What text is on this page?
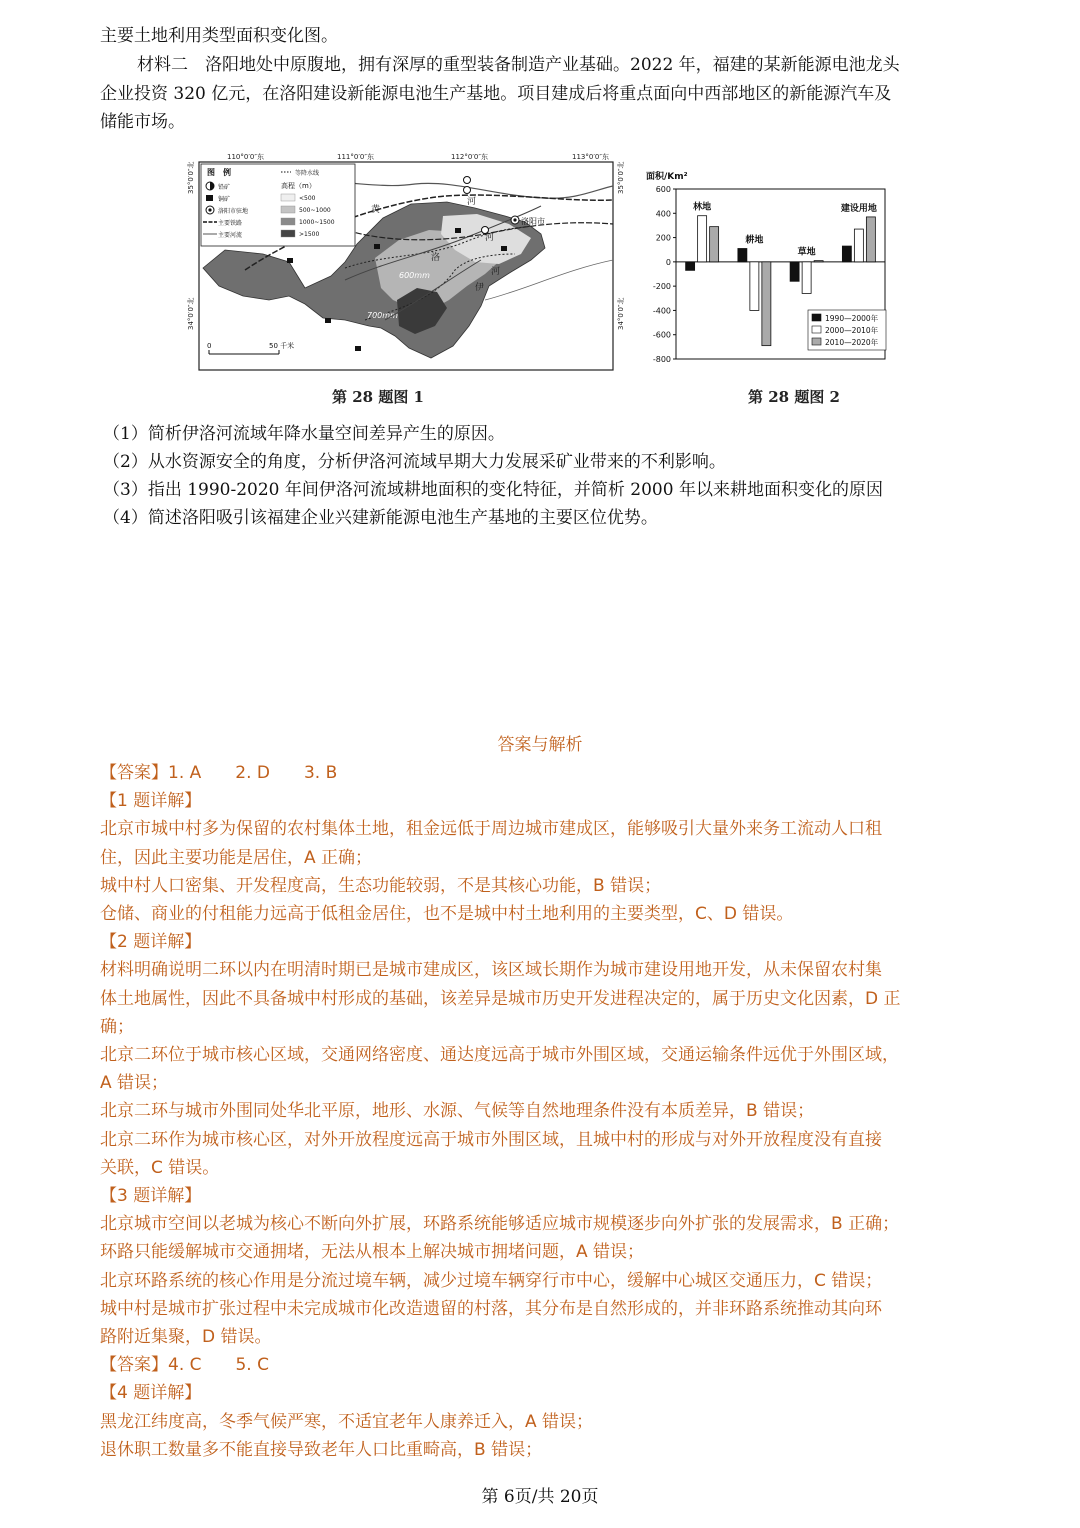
主要土地利用类型面积变化图。
材料二　洛阳地处中原腹地，拥有深厚的重型装备制造产业基础。2022 年，福建的某新能源电池龙头
企业投资 320 亿元，在洛阳建设新能源电池生产基地。项目建成后将重点面向中西部地区的新能源汽车及
储能市场。
110°0′0″东	111°0′0″东	112°0′0″东	113°0′0″东
35°0′0″北
34°0′0″北
35°0′0″北
34°0′0″北
600mm
700mm
图　例
铅矿
铜矿
洛阳市驻地
主要铁路
主要河流
等降水线
高程（m）
<500
500~1000
1000~1500
>1500
洛阳市
黄
河
洛
河
伊
河
0	50 千米
第 28 题图 1
面积/Km²
600
400
200
0
-200
-400
-600
-800
林地
耕地
草地
建设用地
1990—2000年
2000—2010年
2010—2020年
第 28 题图 2
（1）简析伊洛河流域年降水量空间差异产生的原因。
（2）从水资源安全的角度，分析伊洛河流域早期大力发展采矿业带来的不利影响。
（3）指出 1990-2020 年间伊洛河流域耕地面积的变化特征，并简析 2000 年以来耕地面积变化的原因
（4）简述洛阳吸引该福建企业兴建新能源电池生产基地的主要区位优势。
答案与解析
【答案】1. A　　2. D　　3. B
【1 题详解】
北京市城中村多为保留的农村集体土地，租金远低于周边城市建成区，能够吸引大量外来务工流动人口租
住，因此主要功能是居住，A 正确；
城中村人口密集、开发程度高，生态功能较弱，不是其核心功能，B 错误；
仓储、商业的付租能力远高于低租金居住，也不是城中村土地利用的主要类型，C、D 错误。
【2 题详解】
材料明确说明二环以内在明清时期已是城市建成区，该区域长期作为城市建设用地开发，从未保留农村集
体土地属性，因此不具备城中村形成的基础，该差异是城市历史开发进程决定的，属于历史文化因素，D 正
确；
北京二环位于城市核心区域，交通网络密度、通达度远高于城市外围区域，交通运输条件远优于外围区域，
A 错误；
北京二环与城市外围同处华北平原，地形、水源、气候等自然地理条件没有本质差异，B 错误；
北京二环作为城市核心区，对外开放程度远高于城市外围区域，且城中村的形成与对外开放程度没有直接
关联，C 错误。
【3 题详解】
北京城市空间以老城为核心不断向外扩展，环路系统能够适应城市规模逐步向外扩张的发展需求，B 正确；
环路只能缓解城市交通拥堵，无法从根本上解决城市拥堵问题，A 错误；
北京环路系统的核心作用是分流过境车辆，减少过境车辆穿行市中心，缓解中心城区交通压力，C 错误；
城中村是城市扩张过程中未完成城市化改造遗留的村落，其分布是自然形成的，并非环路系统推动其向环
路附近集聚，D 错误。
【答案】4. C　　5. C
【4 题详解】
黑龙江纬度高，冬季气候严寒，不适宜老年人康养迁入，A 错误；
退休职工数量多不能直接导致老年人口比重畸高，B 错误；
第 6页/共 20页
